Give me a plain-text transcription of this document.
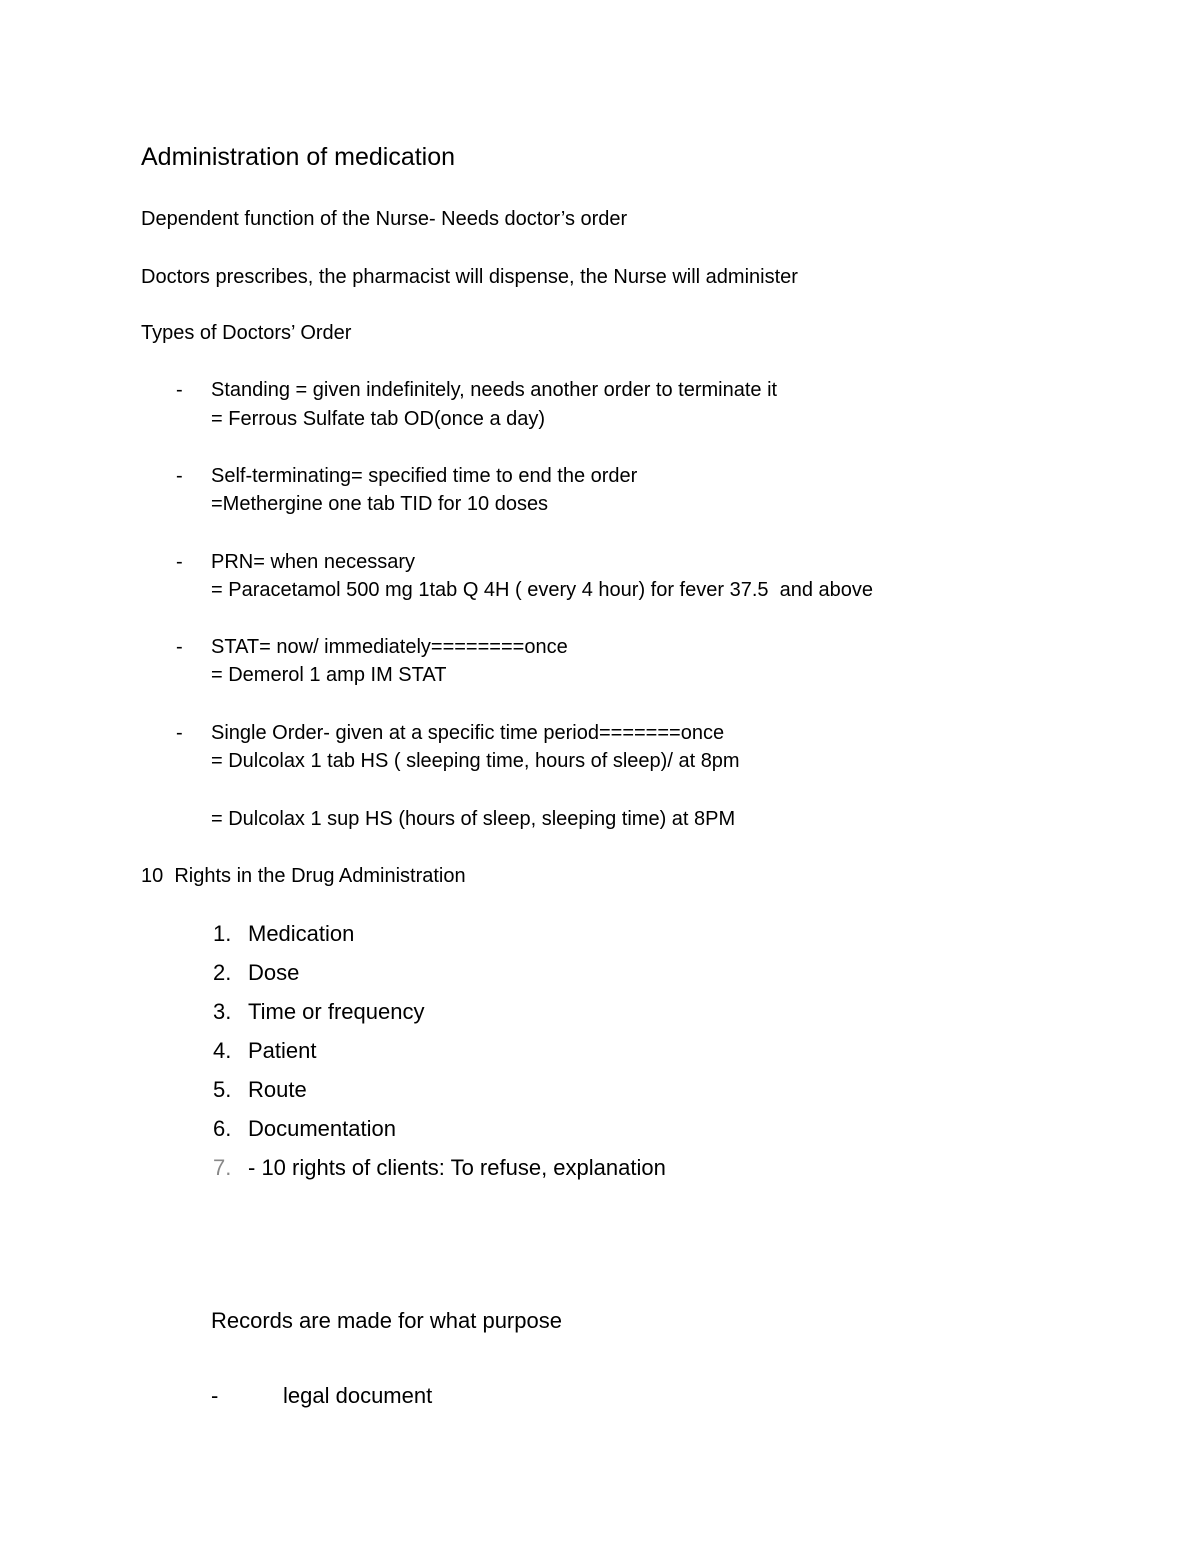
Administration of medication
Dependent function of the Nurse- Needs doctor’s order
Doctors prescribes, the pharmacist will dispense, the Nurse will administer
Types of Doctors’ Order
- Standing = given indefinitely, needs another order to terminate it
= Ferrous Sulfate tab OD(once a day)
- Self-terminating= specified time to end the order
=Methergine one tab TID for 10 doses
- PRN= when necessary
= Paracetamol 500 mg 1tab Q 4H ( every 4 hour) for fever 37.5  and above
- STAT= now/ immediately========once
= Demerol 1 amp IM STAT
- Single Order- given at a specific time period=======once
= Dulcolax 1 tab HS ( sleeping time, hours of sleep)/ at 8pm
= Dulcolax 1 sup HS (hours of sleep, sleeping time) at 8PM
10  Rights in the Drug Administration
1. Medication
2. Dose
3. Time or frequency
4. Patient
5. Route
6. Documentation
7. - 10 rights of clients: To refuse, explanation
Records are made for what purpose
-	legal document
